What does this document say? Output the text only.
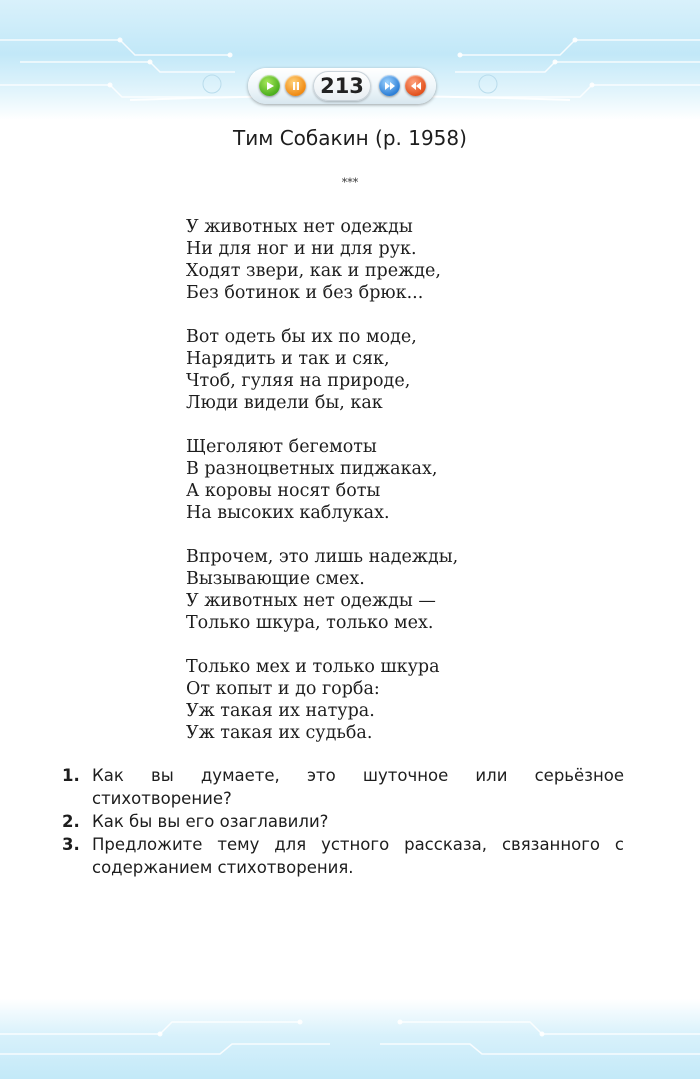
213
Тим Собакин (р. 1958)
***
У животных нет одежды
Ни для ног и ни для рук.
Ходят звери, как и прежде,
Без ботинок и без брюк...
Вот одеть бы их по моде,
Нарядить и так и сяк,
Чтоб, гуляя на природе,
Люди видели бы, как
Щеголяют бегемоты
В разноцветных пиджаках,
А коровы носят боты
На высоких каблуках.
Впрочем, это лишь надежды,
Вызывающие смех.
У животных нет одежды —
Только шкура, только мех.
Только мех и только шкура
От копыт и до горба:
Уж такая их натура.
Уж такая их судьба.
1. Как вы думаете, это шуточное или серьёзное стихотворение?
2. Как бы вы его озаглавили?
3. Предложите тему для устного рассказа, связанного с содержанием стихотворения.
